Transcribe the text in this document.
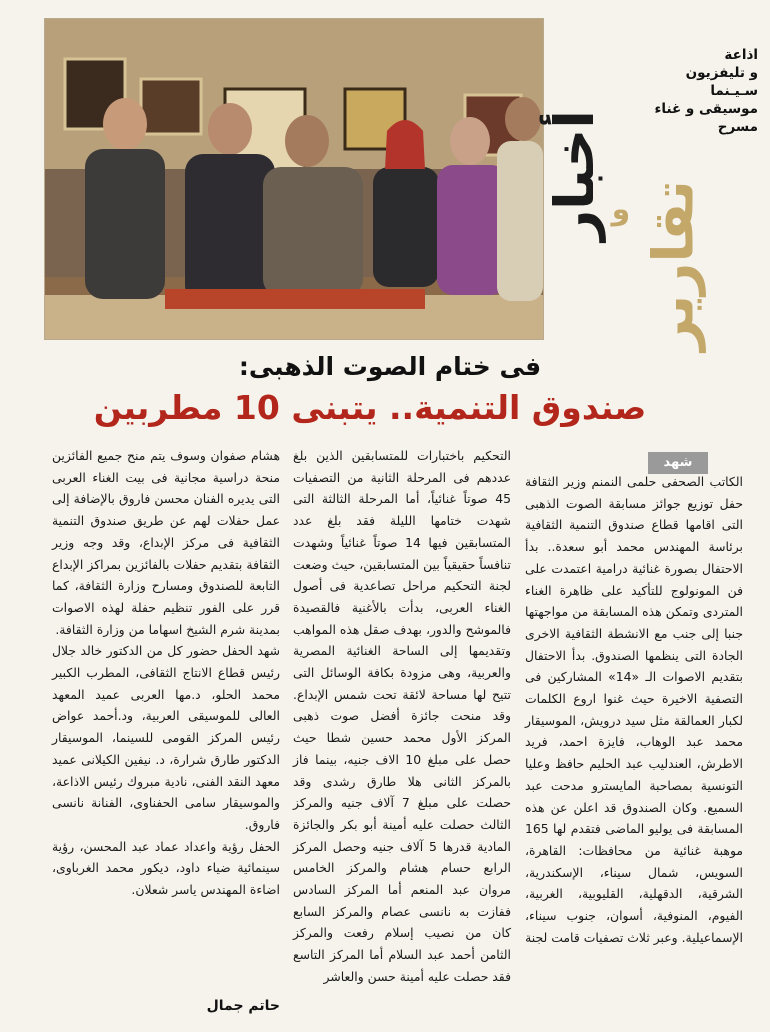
اذاعة
و تليفزيون
سـيـنما
موسيقى و غناء
مسرح
أخبار و تقارير
فى ختام الصوت الذهبى:
صندوق التنمية.. يتبنى 10 مطربين
شهد

الكاتب الصحفى حلمى النمنم وزير الثقافة حفل توزيع جوائز مسابقة الصوت الذهبى التى اقامها قطاع صندوق التنمية الثقافية برئاسة المهندس محمد أبو سعدة.. بدأ الاحتفال بصورة غنائية درامية اعتمدت على فن المونولوج للتأكيد على ظاهرة الغناء المتردى وتمكن هذه المسابقة من مواجهتها جنبا إلى جنب مع الانشطة الثقافية الاخرى الجادة التى ينظمها الصندوق. بدأ الاحتفال بتقديم الاصوات الـ «14» المشاركين فى التصفية الاخيرة حيث غنوا اروع الكلمات لكبار العمالقة مثل سيد درويش، الموسيقار محمد عبد الوهاب، فايزة احمد، فريد الاطرش، العندليب عبد الحليم حافظ وعليا التونسية بمصاحبة المايسترو مدحت عبد السميع. وكان الصندوق قد اعلن عن هذه المسابقة فى يوليو الماضى فتقدم لها 165 موهبة غنائية من محافظات: القاهرة، السويس، شمال سيناء، الإسكندرية، الشرقية، الدقهلية، القليوبية، الغربية، الفيوم، المنوفية، أسوان، جنوب سيناء، الإسماعيلية. وعبر ثلاث تصفيات قامت لجنة

التحكيم باختبارات للمتسابقين الذين بلغ عددهم فى المرحلة الثانية من التصفيات 45 صوتاً غنائياً، أما المرحلة الثالثة التى شهدت ختامها الليلة فقد بلغ عدد المتسابقين فيها 14 صوتاً غنائياً وشهدت تنافساً حقيقياً بين المتسابقين، حيث وضعت لجنة التحكيم مراحل تصاعدية فى أصول الغناء العربى، بدأت بالأغنية فالقصيدة فالموشح والدور، بهدف صقل هذه المواهب وتقديمها إلى الساحة الغنائية المصرية والعربية، وهى مزودة بكافة الوسائل التى تتيح لها مساحة لائقة تحت شمس الإبداع. وقد منحت جائزة أفضل صوت ذهبى المركز الأول محمد حسين شطا حيث حصل على مبلغ 10 الاف جنيه، بينما فاز بالمركز الثانى هلا طارق رشدى وقد حصلت على مبلغ 7 آلاف جنيه والمركز الثالث حصلت عليه أمينة أبو بكر والجائزة المادية قدرها 5 آلاف جنيه وحصل المركز الرابع حسام هشام والمركز الخامس مروان عبد المنعم أما المركز السادس ففازت به نانسى عصام والمركز السابع كان من نصيب إسلام رفعت والمركز الثامن أحمد عبد السلام أما المركز التاسع فقد حصلت عليه أمينة حسن والعاشر

هشام صفوان وسوف يتم منح جميع الفائزين منحة دراسية مجانية فى بيت الغناء العربى التى يديره الفنان محسن فاروق بالإضافة إلى عمل حفلات لهم عن طريق صندوق التنمية الثقافية فى مركز الإبداع، وقد وجه وزير الثقافة بتقديم حفلات بالفائزين بمراكز الإبداع التابعة للصندوق ومسارح وزارة الثقافة، كما قرر على الفور تنظيم حفلة لهذه الاصوات بمدينة شرم الشيخ اسهاما من وزارة الثقافة.

شهد الحفل حضور كل من الدكتور خالد جلال رئيس قطاع الانتاج الثقافى، المطرب الكبير محمد الحلو، د.مها العربى عميد المعهد العالى للموسيقى العربية، ود.أحمد عواض رئيس المركز القومى للسينما، الموسيقار الدكتور طارق شرارة، د. نيفين الكيلانى عميد معهد النقد الفنى، نادية مبروك رئيس الاذاعة، والموسيقار سامى الحفناوى، الفنانة نانسى فاروق.

الحفل رؤية واعداد عماد عبد المحسن، رؤية سينمائية ضياء داود، ديكور محمد الغرباوى، اضاءة المهندس ياسر شعلان.

حاتم جمال
